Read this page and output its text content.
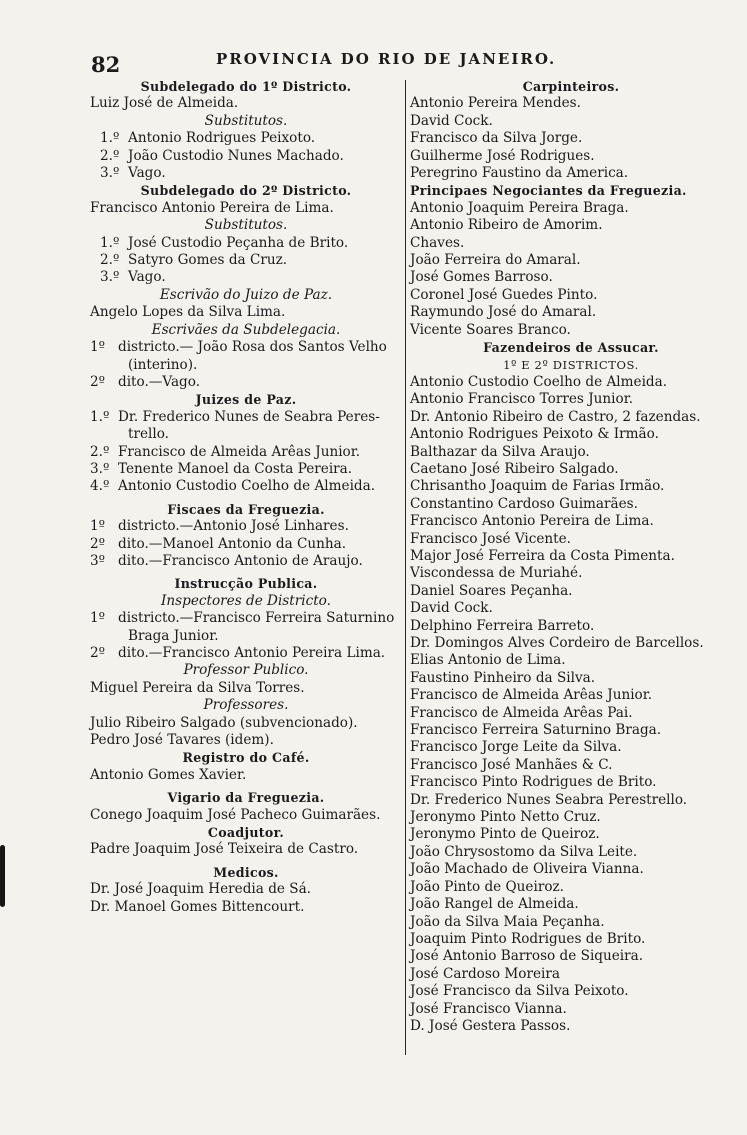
82	PROVINCIA DO RIO DE JANEIRO.
Subdelegado do 1º Districto.
Luiz José de Almeida.
Substitutos.
1.º Antonio Rodrigues Peixoto.
2.º João Custodio Nunes Machado.
3.º Vago.
Subdelegado do 2º Districto.
Francisco Antonio Pereira de Lima.
Substitutos.
1.º José Custodio Peçanha de Brito.
2.º Satyro Gomes da Cruz.
3.º Vago.
Escrivão do Juizo de Paz.
Angelo Lopes da Silva Lima.
Escrivães da Subdelegacia.
1º districto.— João Rosa dos Santos Velho
(interino).
2º dito.—Vago.
Juizes de Paz.
1.º Dr. Frederico Nunes de Seabra Peres-
trello.
2.º Francisco de Almeida Arêas Junior.
3.º Tenente Manoel da Costa Pereira.
4.º Antonio Custodio Coelho de Almeida.
Fiscaes da Freguezia.
1º districto.—Antonio José Linhares.
2º dito.—Manoel Antonio da Cunha.
3º dito.—Francisco Antonio de Araujo.
Instrucção Publica.
Inspectores de Districto.
1º districto.—Francisco Ferreira Saturnino
Braga Junior.
2º dito.—Francisco Antonio Pereira Lima.
Professor Publico.
Miguel Pereira da Silva Torres.
Professores.
Julio Ribeiro Salgado (subvencionado).
Pedro José Tavares (idem).
Registro do Café.
Antonio Gomes Xavier.
Vigario da Freguezia.
Conego Joaquim José Pacheco Guimarães.
Coadjutor.
Padre Joaquim José Teixeira de Castro.
Medicos.
Dr. José Joaquim Heredia de Sá.
Dr. Manoel Gomes Bittencourt.
Carpinteiros.
Antonio Pereira Mendes.
David Cock.
Francisco da Silva Jorge.
Guilherme José Rodrigues.
Peregrino Faustino da America.
Principaes Negociantes da Freguezia.
Antonio Joaquim Pereira Braga.
Antonio Ribeiro de Amorim.
Chaves.
João Ferreira do Amaral.
José Gomes Barroso.
Coronel José Guedes Pinto.
Raymundo José do Amaral.
Vicente Soares Branco.
Fazendeiros de Assucar.
1º E 2º DISTRICTOS.
Antonio Custodio Coelho de Almeida.
Antonio Francisco Torres Junior.
Dr. Antonio Ribeiro de Castro, 2 fazendas.
Antonio Rodrigues Peixoto & Irmão.
Balthazar da Silva Araujo.
Caetano José Ribeiro Salgado.
Chrisantho Joaquim de Farias Irmão.
Constantino Cardoso Guimarães.
Francisco Antonio Pereira de Lima.
Francisco José Vicente.
Major José Ferreira da Costa Pimenta.
Viscondessa de Muriahé.
Daniel Soares Peçanha.
David Cock.
Delphino Ferreira Barreto.
Dr. Domingos Alves Cordeiro de Barcellos.
Elias Antonio de Lima.
Faustino Pinheiro da Silva.
Francisco de Almeida Arêas Junior.
Francisco de Almeida Arêas Pai.
Francisco Ferreira Saturnino Braga.
Francisco Jorge Leite da Silva.
Francisco José Manhães & C.
Francisco Pinto Rodrigues de Brito.
Dr. Frederico Nunes Seabra Perestrello.
Jeronymo Pinto Netto Cruz.
Jeronymo Pinto de Queiroz.
João Chrysostomo da Silva Leite.
João Machado de Oliveira Vianna.
João Pinto de Queiroz.
João Rangel de Almeida.
João da Silva Maia Peçanha.
Joaquim Pinto Rodrigues de Brito.
José Antonio Barroso de Siqueira.
José Cardoso Moreira
José Francisco da Silva Peixoto.
José Francisco Vianna.
D. José Gestera Passos.
